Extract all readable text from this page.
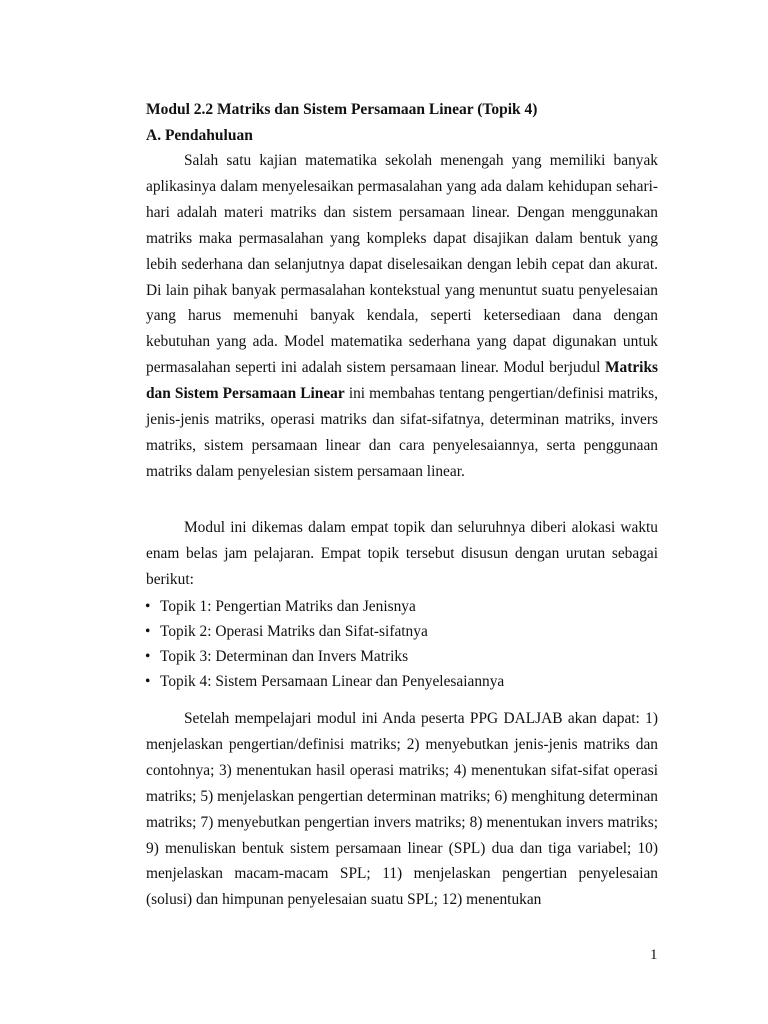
Modul 2.2 Matriks dan Sistem Persamaan Linear (Topik 4)
A. Pendahuluan
Salah satu kajian matematika sekolah menengah yang memiliki banyak aplikasinya dalam menyelesaikan permasalahan yang ada dalam kehidupan sehari-hari adalah materi matriks dan sistem persamaan linear. Dengan menggunakan matriks maka permasalahan yang kompleks dapat disajikan dalam bentuk yang lebih sederhana dan selanjutnya dapat diselesaikan dengan lebih cepat dan akurat. Di lain pihak banyak permasalahan kontekstual yang menuntut suatu penyelesaian yang harus memenuhi banyak kendala, seperti ketersediaan dana dengan kebutuhan yang ada. Model matematika sederhana yang dapat digunakan untuk permasalahan seperti ini adalah sistem persamaan linear. Modul berjudul Matriks dan Sistem Persamaan Linear ini membahas tentang pengertian/definisi matriks, jenis-jenis matriks, operasi matriks dan sifat-sifatnya, determinan matriks, invers matriks, sistem persamaan linear dan cara penyelesaiannya, serta penggunaan matriks dalam penyelesian sistem persamaan linear.
Modul ini dikemas dalam empat topik dan seluruhnya diberi alokasi waktu enam belas jam pelajaran. Empat topik tersebut disusun dengan urutan sebagai berikut:
• Topik 1: Pengertian Matriks dan Jenisnya
• Topik 2: Operasi Matriks dan Sifat-sifatnya
• Topik 3: Determinan dan Invers Matriks
• Topik 4: Sistem Persamaan Linear dan Penyelesaiannya
Setelah mempelajari modul ini Anda peserta PPG DALJAB akan dapat: 1) menjelaskan pengertian/definisi matriks; 2) menyebutkan jenis-jenis matriks dan contohnya; 3) menentukan hasil operasi matriks; 4) menentukan sifat-sifat operasi matriks; 5) menjelaskan pengertian determinan matriks; 6) menghitung determinan matriks; 7) menyebutkan pengertian invers matriks; 8) menentukan invers matriks; 9) menuliskan bentuk sistem persamaan linear (SPL) dua dan tiga variabel; 10) menjelaskan macam-macam SPL; 11) menjelaskan pengertian penyelesaian (solusi) dan himpunan penyelesaian suatu SPL; 12) menentukan
1
